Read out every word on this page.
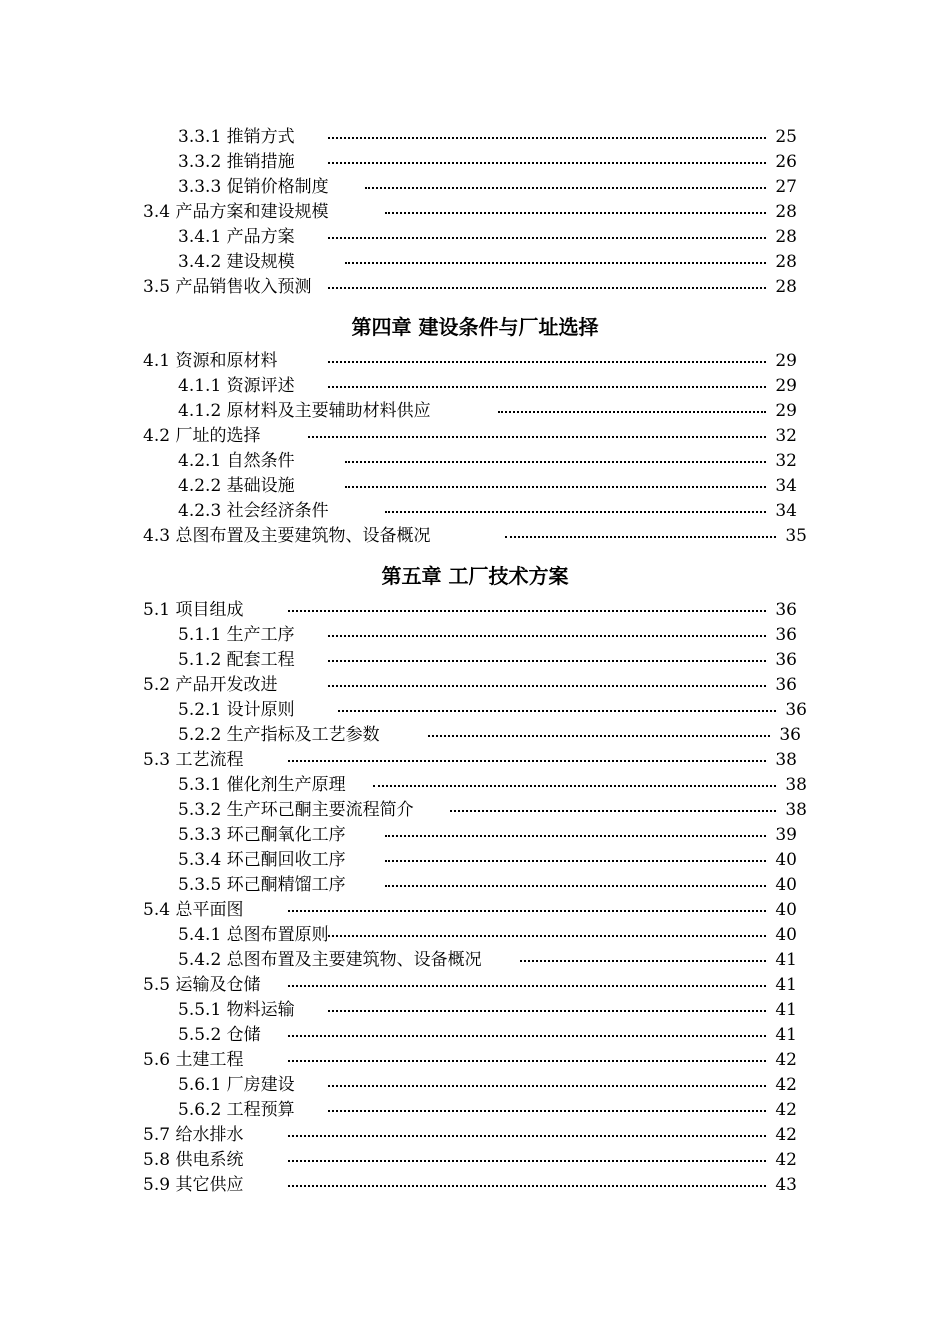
3.3.1 推销方式	25
3.3.2 推销措施	26
3.3.3 促销价格制度	27
3.4 产品方案和建设规模	28
3.4.1 产品方案	28
3.4.2 建设规模	28
3.5 产品销售收入预测	28
第四章 建设条件与厂址选择
4.1 资源和原材料	29
4.1.1 资源评述	29
4.1.2 原材料及主要辅助材料供应	29
4.2 厂址的选择	32
4.2.1 自然条件	32
4.2.2 基础设施	34
4.2.3 社会经济条件	34
4.3 总图布置及主要建筑物、设备概况	35
第五章 工厂技术方案
5.1 项目组成	36
5.1.1 生产工序	36
5.1.2 配套工程	36
5.2 产品开发改进	36
5.2.1 设计原则	36
5.2.2 生产指标及工艺参数	36
5.3 工艺流程	38
5.3.1 催化剂生产原理	38
5.3.2 生产环己酮主要流程简介	38
5.3.3 环己酮氧化工序	39
5.3.4 环己酮回收工序	40
5.3.5 环己酮精馏工序	40
5.4 总平面图	40
5.4.1 总图布置原则	40
5.4.2 总图布置及主要建筑物、设备概况	41
5.5 运输及仓储	41
5.5.1 物料运输	41
5.5.2 仓储	41
5.6 土建工程	42
5.6.1 厂房建设	42
5.6.2 工程预算	42
5.7 给水排水	42
5.8 供电系统	42
5.9 其它供应	43
